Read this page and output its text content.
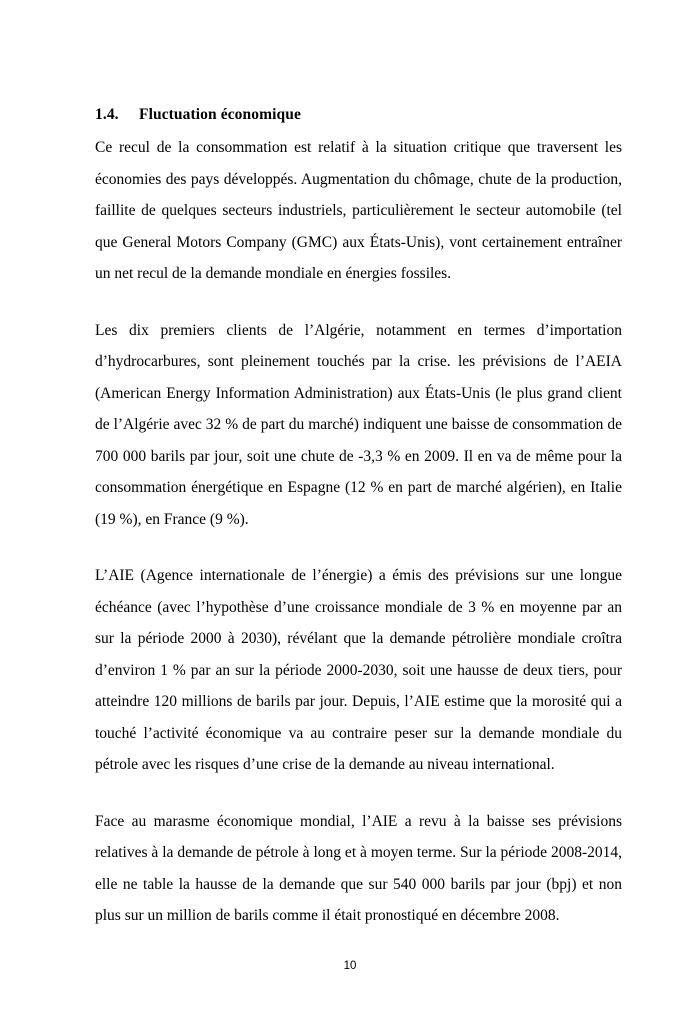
1.4. Fluctuation économique

Ce recul de la consommation est relatif à la situation critique que traversent les économies des pays développés. Augmentation du chômage, chute de la production, faillite de quelques secteurs industriels, particulièrement le secteur automobile (tel que General Motors Company (GMC) aux États-Unis), vont certainement entraîner un net recul de la demande mondiale en énergies fossiles.

Les dix premiers clients de l’Algérie, notamment en termes d’importation d’hydrocarbures, sont pleinement touchés par la crise. les prévisions de l’AEIA (American Energy Information Administration) aux États-Unis (le plus grand client de l’Algérie avec 32 % de part du marché) indiquent une baisse de consommation de 700 000 barils par jour, soit une chute de -3,3 % en 2009. Il en va de même pour la consommation énergétique en Espagne (12 % en part de marché algérien), en Italie (19 %), en France (9 %).

L’AIE (Agence internationale de l’énergie) a émis des prévisions sur une longue échéance (avec l’hypothèse d’une croissance mondiale de 3 % en moyenne par an sur la période 2000 à 2030), révélant que la demande pétrolière mondiale croîtra d’environ 1 % par an sur la période 2000-2030, soit une hausse de deux tiers, pour atteindre 120 millions de barils par jour. Depuis, l’AIE estime que la morosité qui a touché l’activité économique va au contraire peser sur la demande mondiale du pétrole avec les risques d’une crise de la demande au niveau international.

Face au marasme économique mondial, l’AIE a revu à la baisse ses prévisions relatives à la demande de pétrole à long et à moyen terme. Sur la période 2008-2014, elle ne table la hausse de la demande que sur 540 000 barils par jour (bpj) et non plus sur un million de barils comme il était pronostiqué en décembre 2008.

10
